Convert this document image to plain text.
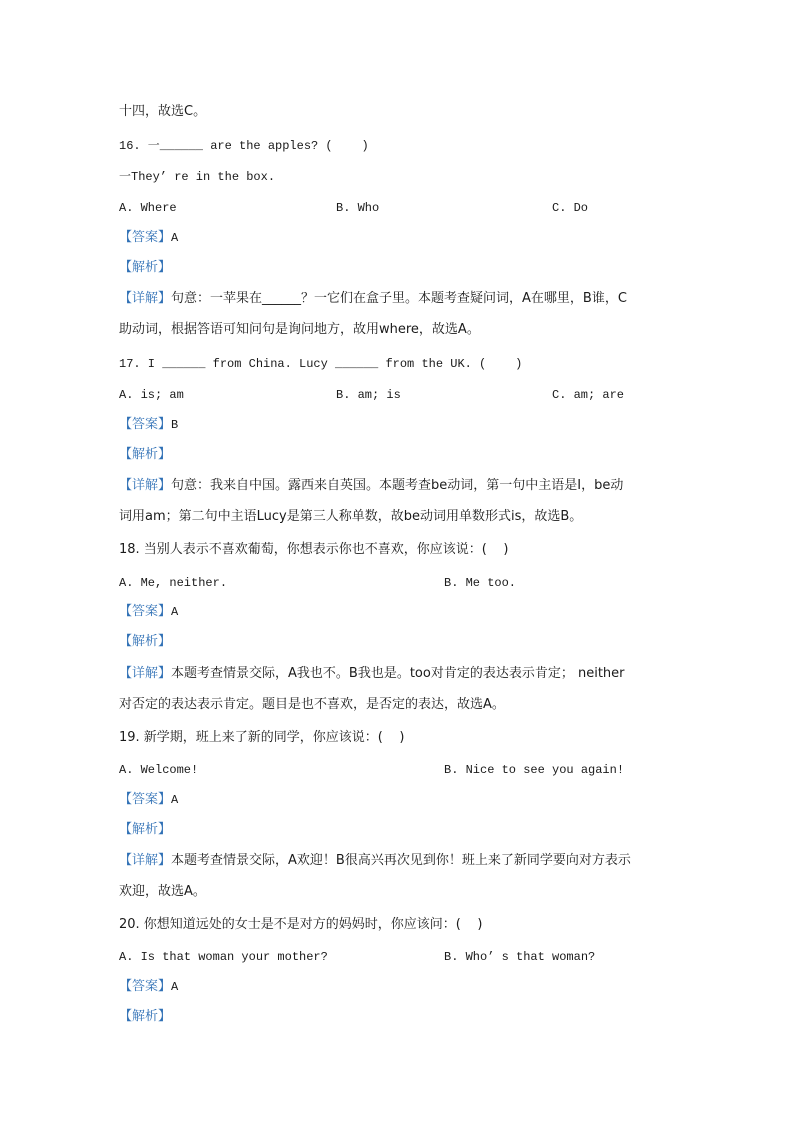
十四，故选C。
16. 一______ are the apples? (    )
一They’ re in the box.

A. Where

	B. Who

	C. Do

【答案】A
【解析】
【详解】句意：一苹果在______？一它们在盒子里。本题考查疑问词，A在哪里，B谁，C
助动词，根据答语可知问句是询问地方，故用where，故选A。
17. I ______ from China. Lucy ______ from the UK. (    )

A. is; am

	B. am; is

	C. am; are

【答案】B
【解析】
【详解】句意：我来自中国。露西来自英国。本题考查be动词，第一句中主语是I，be动
词用am；第二句中主语Lucy是第三人称单数，故be动词用单数形式is，故选B。
18. 当别人表示不喜欢葡萄，你想表示你也不喜欢，你应该说：(    )

A. Me, neither.

	B. Me too.

【答案】A
【解析】
【详解】本题考查情景交际，A我也不。B我也是。too对肯定的表达表示肯定； neither
对否定的表达表示肯定。题目是也不喜欢，是否定的表达，故选A。
19. 新学期，班上来了新的同学，你应该说：(    )

A. Welcome!

	B. Nice to see you again!

【答案】A
【解析】
【详解】本题考查情景交际，A欢迎！B很高兴再次见到你！班上来了新同学要向对方表示
欢迎，故选A。
20. 你想知道远处的女士是不是对方的妈妈时，你应该问：(    )

A. Is that woman your mother?

	B. Who’ s that woman?

【答案】A
【解析】
